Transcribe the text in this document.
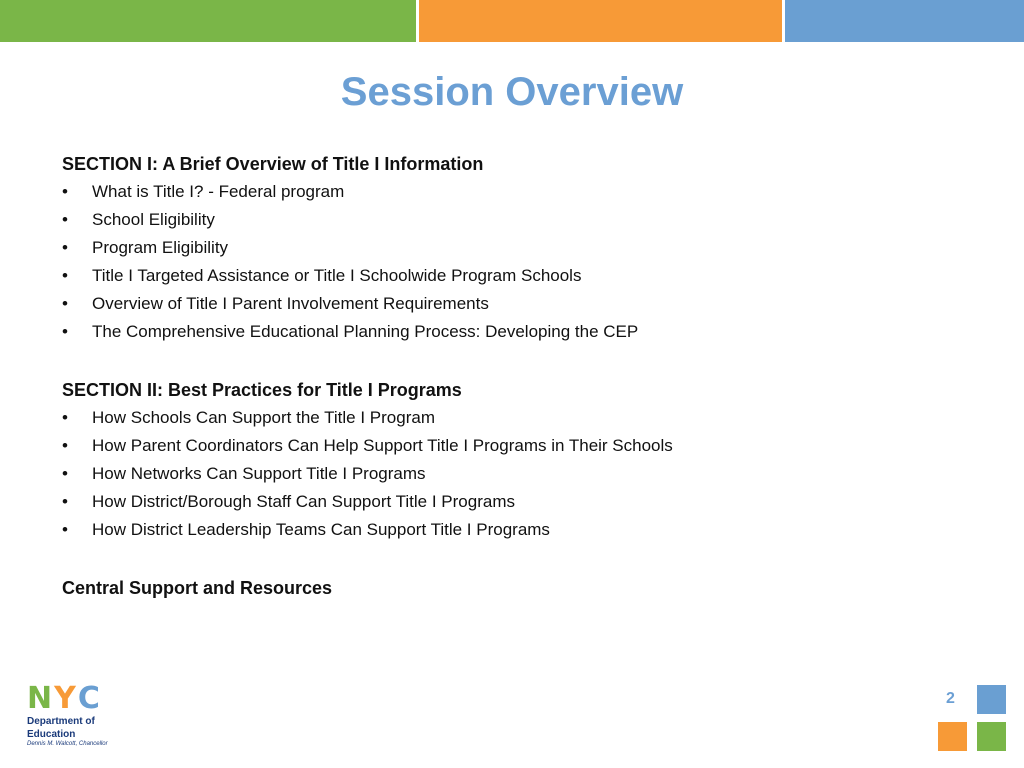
Session Overview

SECTION I: A Brief Overview of Title I Information

•	What is Title I? - Federal program
•	School Eligibility
•	Program Eligibility
•	Title I Targeted Assistance or Title I Schoolwide Program Schools
•	Overview of Title I Parent Involvement Requirements
•	The Comprehensive Educational Planning Process: Developing the CEP

SECTION II: Best Practices for Title I Programs

•	How Schools Can Support the Title I Program
•	How Parent Coordinators Can Help Support Title I Programs in Their Schools
•	How Networks Can Support Title I Programs
•	How District/Borough Staff Can Support Title I Programs
•	How District Leadership Teams Can Support Title I Programs

Central Support and Resources

N Y C
Department of
Education
Dennis M. Walcott, Chancellor
2
